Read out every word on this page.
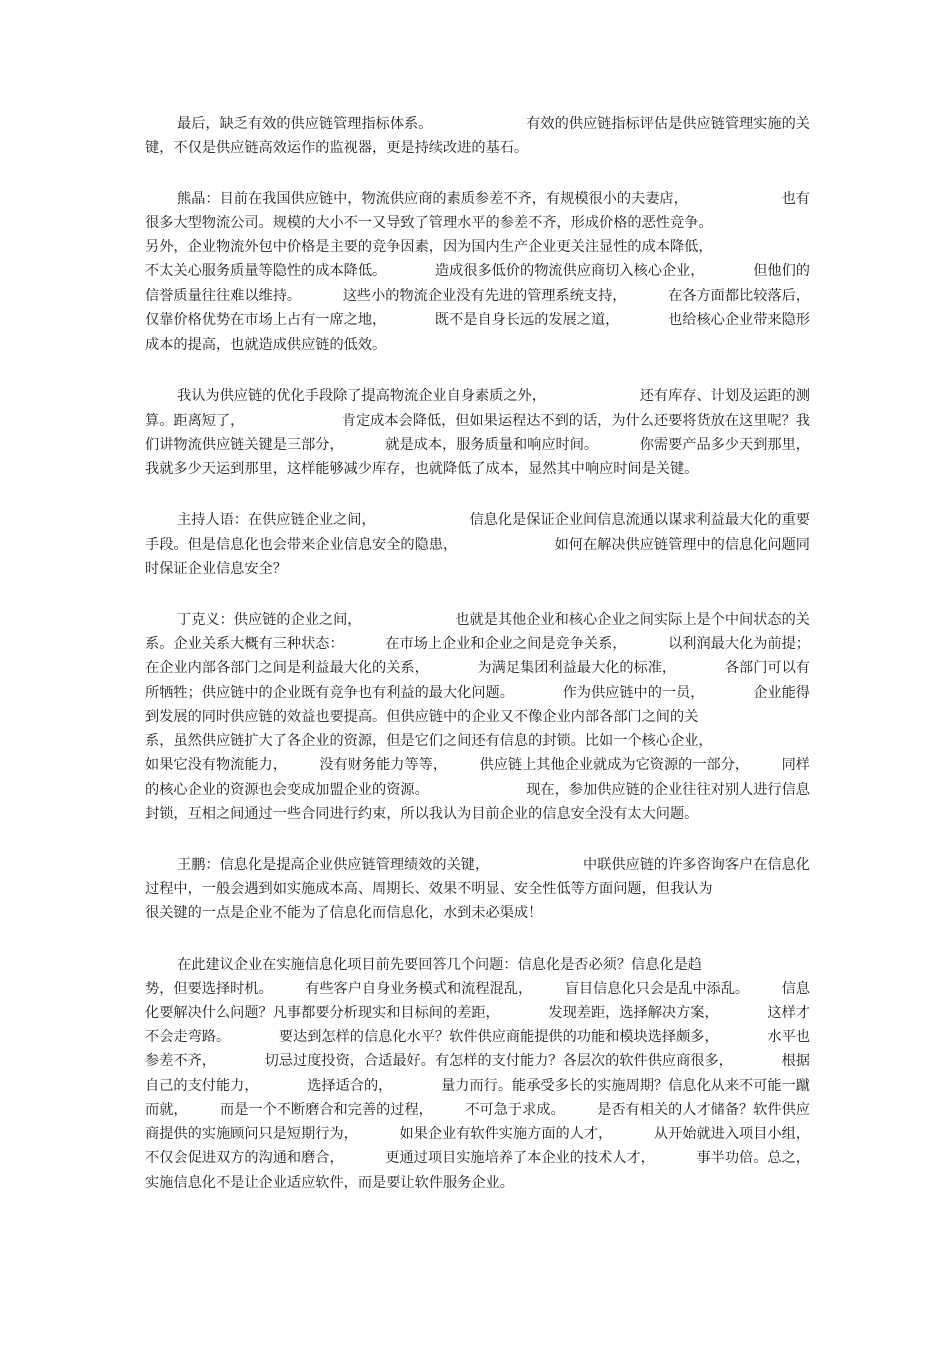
最后，缺乏有效的供应链管理指标体系。	有效的供应链指标评估是供应链管理实施的关
键，不仅是供应链高效运作的监视器，更是持续改进的基石。
熊晶：目前在我国供应链中，物流供应商的素质参差不齐，有规模很小的夫妻店，	也有
很多大型物流公司。规模的大小不一又导致了管理水平的参差不齐，形成价格的恶性竞争。
另外，企业物流外包中价格是主要的竞争因素，因为国内生产企业更关注显性的成本降低，
不太关心服务质量等隐性的成本降低。	造成很多低价的物流供应商切入核心企业，	但他们的
信誉质量往往难以维持。	这些小的物流企业没有先进的管理系统支持，	在各方面都比较落后，
仅靠价格优势在市场上占有一席之地，	既不是自身长远的发展之道，	也给核心企业带来隐形
成本的提高，也就造成供应链的低效。
我认为供应链的优化手段除了提高物流企业自身素质之外，	还有库存、计划及运距的测
算。距离短了，	肯定成本会降低，但如果运程达不到的话，为什么还要将货放在这里呢？我
们讲物流供应链关键是三部分，	就是成本，服务质量和响应时间。	你需要产品多少天到那里，
我就多少天运到那里，这样能够减少库存，也就降低了成本，显然其中响应时间是关键。
主持人语：在供应链企业之间，	信息化是保证企业间信息流通以谋求利益最大化的重要
手段。但是信息化也会带来企业信息安全的隐患，	如何在解决供应链管理中的信息化问题同
时保证企业信息安全？
丁克义：供应链的企业之间，	也就是其他企业和核心企业之间实际上是个中间状态的关
系。企业关系大概有三种状态：	在市场上企业和企业之间是竞争关系，	以利润最大化为前提；
在企业内部各部门之间是利益最大化的关系，	为满足集团利益最大化的标准，	各部门可以有
所牺牲；供应链中的企业既有竞争也有利益的最大化问题。	作为供应链中的一员，	企业能得
到发展的同时供应链的效益也要提高。但供应链中的企业又不像企业内部各部门之间的关
系，虽然供应链扩大了各企业的资源，但是它们之间还有信息的封锁。比如一个核心企业，
如果它没有物流能力， 没有财务能力等等， 供应链上其他企业就成为它资源的一部分， 同样
的核心企业的资源也会变成加盟企业的资源。	现在，参加供应链的企业往往对别人进行信息
封锁，互相之间通过一些合同进行约束，所以我认为目前企业的信息安全没有太大问题。
王鹏：信息化是提高企业供应链管理绩效的关键，	中联供应链的许多咨询客户在信息化
过程中，一般会遇到如实施成本高、周期长、效果不明显、安全性低等方面问题，但我认为
很关键的一点是企业不能为了信息化而信息化，水到未必渠成！
在此建议企业在实施信息化项目前先要回答几个问题：信息化是否必须？信息化是趋
势，但要选择时机。 有些客户自身业务模式和流程混乱， 盲目信息化只会是乱中添乱。 信息
化要解决什么问题？凡事都要分析现实和目标间的差距，	发现差距，选择解决方案，	这样才
不会走弯路。	要达到怎样的信息化水平？软件供应商能提供的功能和模块选择颇多，	水平也
参差不齐，	切忌过度投资，合适最好。有怎样的支付能力？各层次的软件供应商很多，	根据
自己的支付能力，	选择适合的，	量力而行。能承受多长的实施周期？信息化从来不可能一蹴
而就， 而是一个不断磨合和完善的过程， 不可急于求成。 是否有相关的人才储备？软件供应
商提供的实施顾问只是短期行为，	如果企业有软件实施方面的人才，	从开始就进入项目小组，
不仅会促进双方的沟通和磨合，	更通过项目实施培养了本企业的技术人才，	事半功倍。总之，
实施信息化不是让企业适应软件，而是要让软件服务企业。
